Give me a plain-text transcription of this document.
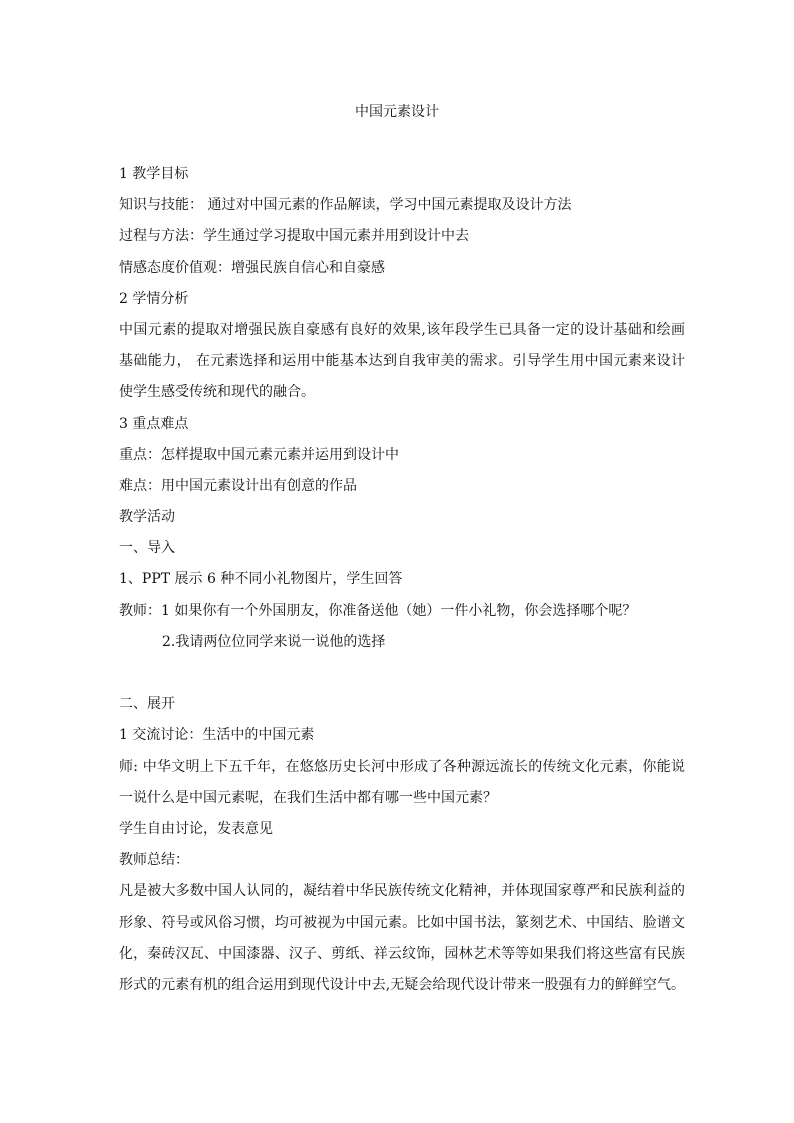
中国元素设计
1 教学目标
知识与技能： 通过对中国元素的作品解读，学习中国元素提取及设计方法
过程与方法：学生通过学习提取中国元素并用到设计中去
情感态度价值观：增强民族自信心和自豪感
2 学情分析
中国元素的提取对增强民族自豪感有良好的效果,该年段学生已具备一定的设计基础和绘画
基础能力， 在元素选择和运用中能基本达到自我审美的需求。引导学生用中国元素来设计
使学生感受传统和现代的融合。
3 重点难点
重点：怎样提取中国元素元素并运用到设计中
难点：用中国元素设计出有创意的作品
教学活动
一、导入
1、PPT 展示 6 种不同小礼物图片，学生回答
教师：1 如果你有一个外国朋友，你准备送他（她）一件小礼物，你会选择哪个呢？
2.我请两位位同学来说一说他的选择
二、展开
1 交流讨论：生活中的中国元素
师: 中华文明上下五千年，在悠悠历史长河中形成了各种源远流长的传统文化元素，你能说
一说什么是中国元素呢，在我们生活中都有哪一些中国元素？
学生自由讨论，发表意见
教师总结：
凡是被大多数中国人认同的，凝结着中华民族传统文化精神，并体现国家尊严和民族利益的
形象、符号或风俗习惯，均可被视为中国元素。比如中国书法，篆刻艺术、中国结、脸谱文
化，秦砖汉瓦、中国漆器、汉子、剪纸、祥云纹饰，园林艺术等等如果我们将这些富有民族
形式的元素有机的组合运用到现代设计中去,无疑会给现代设计带来一股强有力的鲜鲜空气。
